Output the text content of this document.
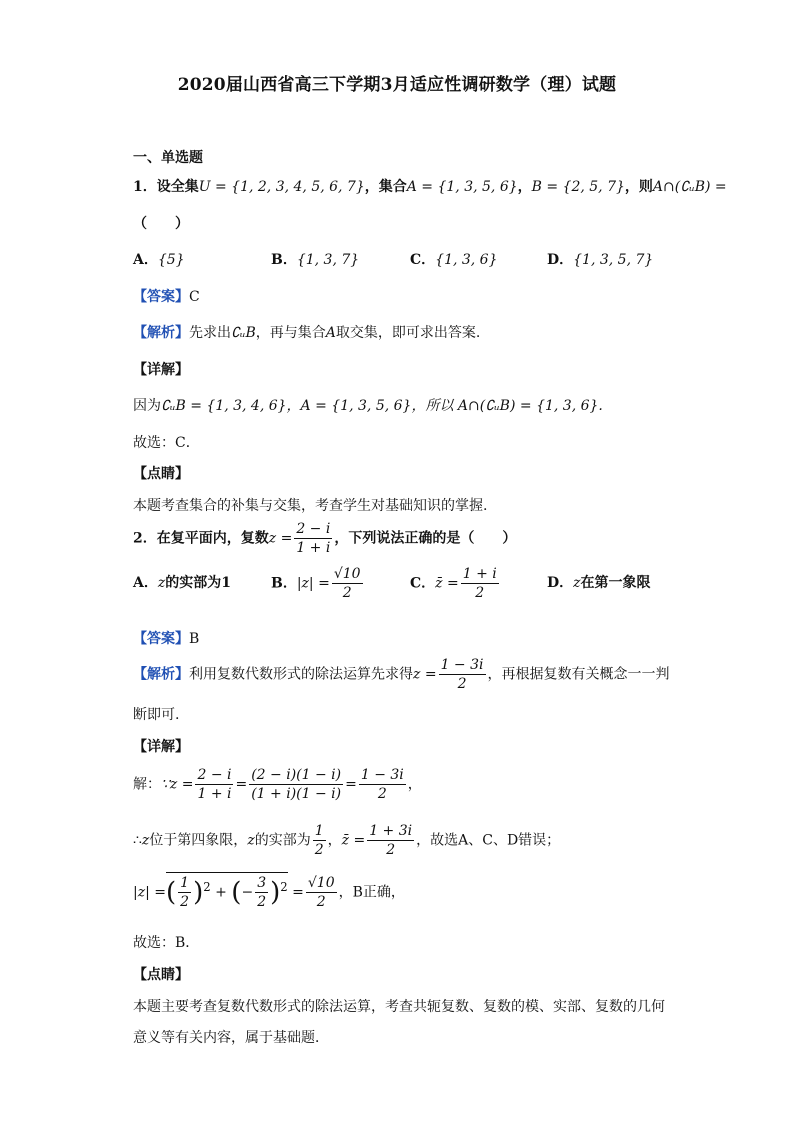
2020届山西省高三下学期3月适应性调研数学（理）试题
一、单选题
1．设全集U = {1, 2, 3, 4, 5, 6, 7}，集合A = {1, 3, 5, 6}，B = {2, 5, 7}，则A∩(∁ᵤB) =
（　　）
A．{5}	B．{1, 3, 7}	C．{1, 3, 6}	D．{1, 3, 5, 7}
【答案】C
【解析】先求出∁ᵤB，再与集合A取交集，即可求出答案.
【详解】
因为∁ᵤB = {1, 3, 4, 6}，A = {1, 3, 5, 6}，所以 A∩(∁ᵤB) = {1, 3, 6}.
故选：C．
【点睛】
本题考查集合的补集与交集，考查学生对基础知识的掌握.
2．在复平面内，复数$z = \frac{2 - i}{1 + i}$ ，下列说法正确的是（　　）
A．z的实部为1	B．$|z| = \frac{√10}{2}$	C．z̄ = $\frac{1 + i}{2}$	D．z在第一象限
【答案】B
【解析】利用复数代数形式的除法运算先求得$z = \frac{1 - 3i}{2}$ ，再根据复数有关概念一一判
断即可.
【详解】
解：∵z = $\frac{2 - i}{1 + i} = \frac{(2 - i)(1 - i)}{(1 + i)(1 - i)} = \frac{1 - 3i}{2}$ ，
∴z位于第四象限，z的实部为 $\frac{1}{2}$ ，z̄ = $\frac{1 + 3i}{2}$ ，故选A、C、D错误；
|z| =( $\frac{1}{2} )^2$ + (− $\frac{3}{2} )^2 = \frac{√10}{2}$ ，B正确，
故选：B．
【点睛】
本题主要考查复数代数形式的除法运算，考查共轭复数、复数的模、实部、复数的几何
意义等有关内容，属于基础题．
